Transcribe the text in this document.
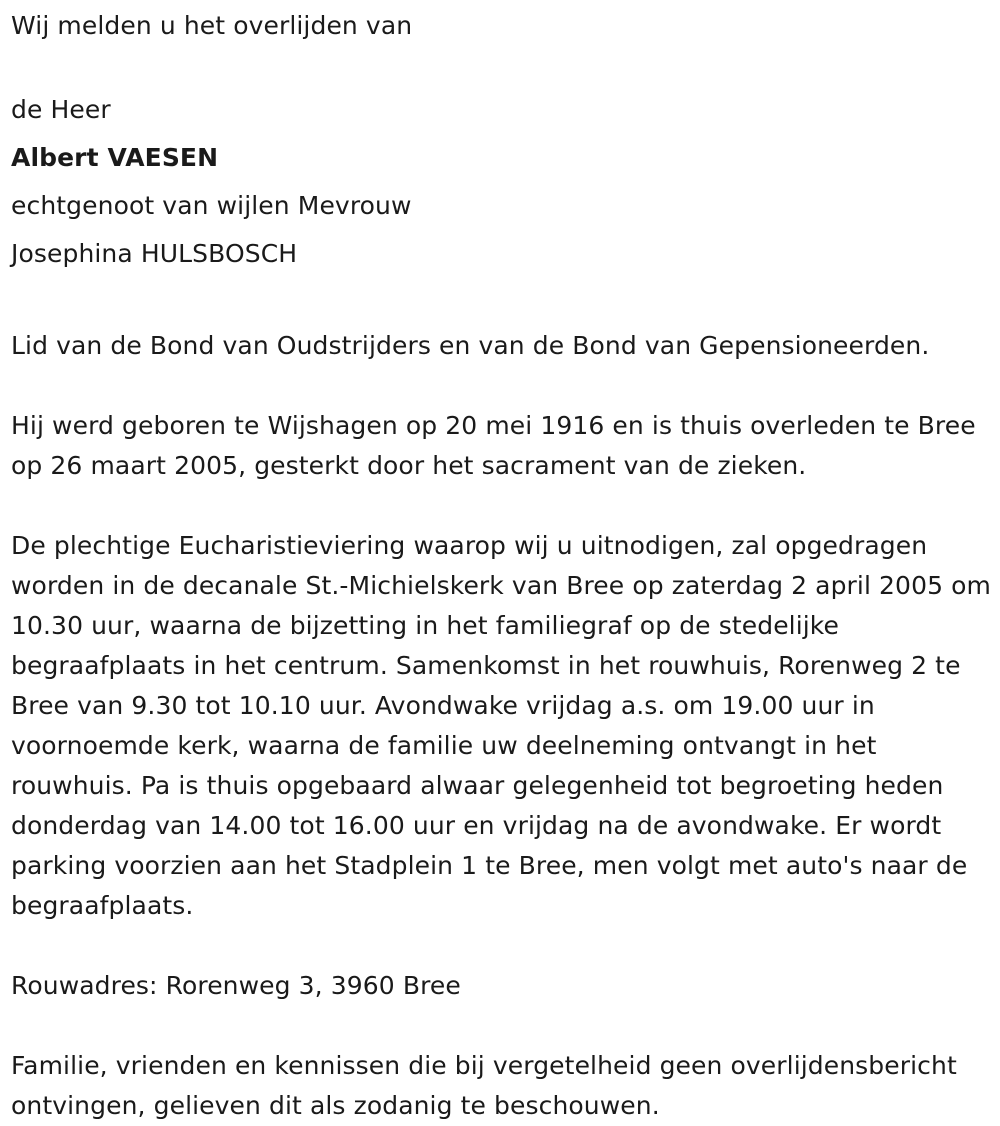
Wij melden u het overlijden van

de Heer

Albert VAESEN

echtgenoot van wijlen Mevrouw

Josephina HULSBOSCH

Lid van de Bond van Oudstrijders en van de Bond van Gepensioneerden.

Hij werd geboren te Wijshagen op 20 mei 1916 en is thuis overleden te Bree op 26 maart 2005, gesterkt door het sacrament van de zieken.

De plechtige Eucharistieviering waarop wij u uitnodigen, zal opgedragen worden in de decanale St.-Michielskerk van Bree op zaterdag 2 april 2005 om 10.30 uur, waarna de bijzetting in het familiegraf op de stedelijke begraafplaats in het centrum. Samenkomst in het rouwhuis, Rorenweg 2 te Bree van 9.30 tot 10.10 uur. Avondwake vrijdag a.s. om 19.00 uur in voornoemde kerk, waarna de familie uw deelneming ontvangt in het rouwhuis. Pa is thuis opgebaard alwaar gelegenheid tot begroeting heden donderdag van 14.00 tot 16.00 uur en vrijdag na de avondwake. Er wordt parking voorzien aan het Stadplein 1 te Bree, men volgt met auto's naar de begraafplaats.

Rouwadres: Rorenweg 3, 3960 Bree

Familie, vrienden en kennissen die bij vergetelheid geen overlijdensbericht ontvingen, gelieven dit als zodanig te beschouwen.
